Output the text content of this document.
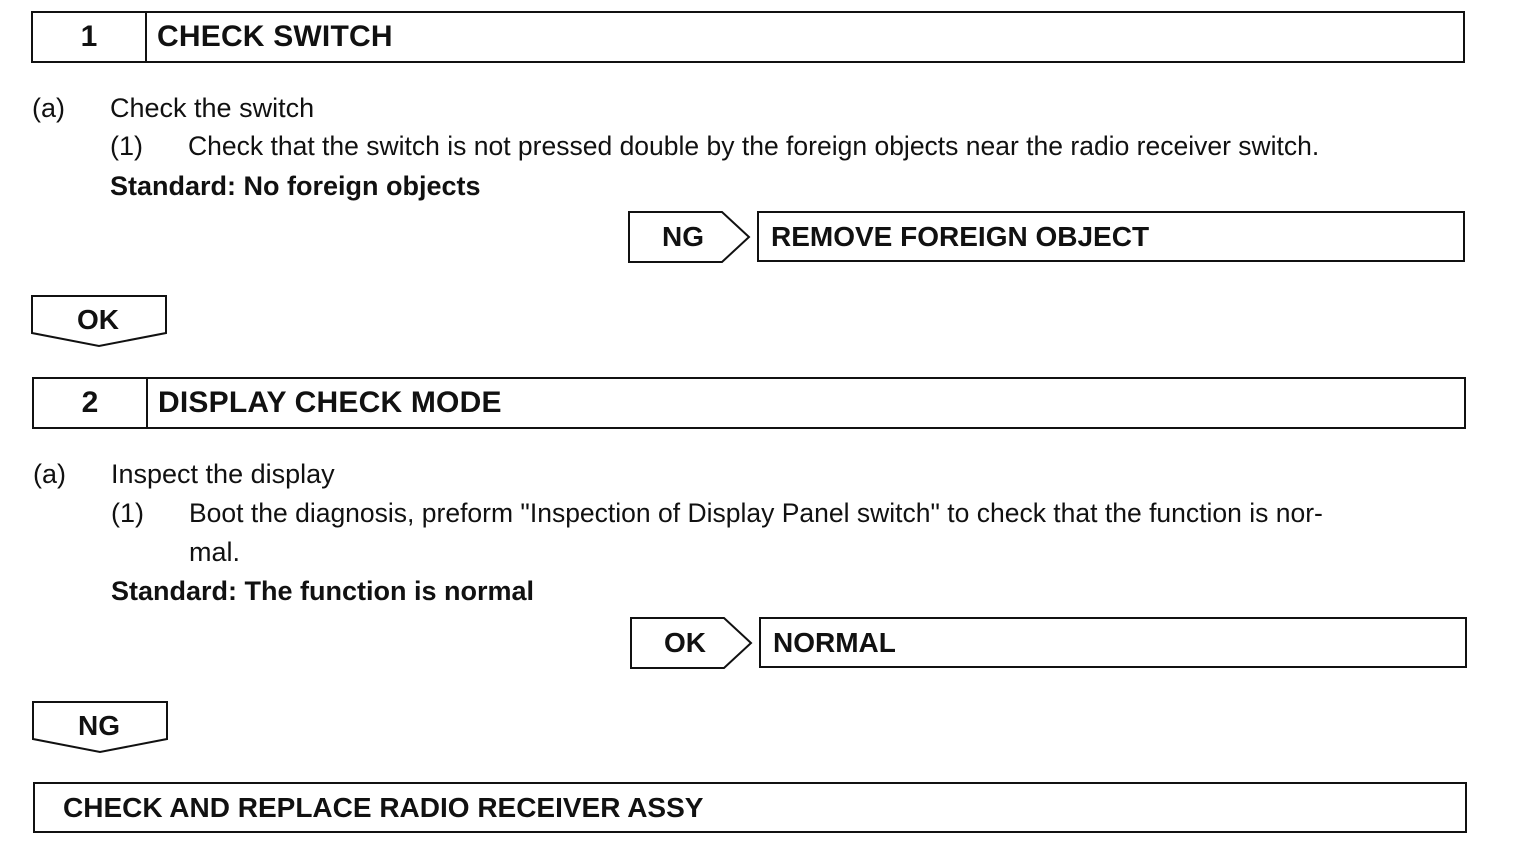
1	CHECK SWITCH
(a) Check the switch
(1) Check that the switch is not pressed double by the foreign objects near the radio receiver switch.
Standard: No foreign objects
NG	REMOVE FOREIGN OBJECT
OK
2	DISPLAY CHECK MODE
(a) Inspect the display
(1) Boot the diagnosis, preform "Inspection of Display Panel switch" to check that the function is nor-
mal.
Standard: The function is normal
OK	NORMAL
NG
CHECK AND REPLACE RADIO RECEIVER ASSY
